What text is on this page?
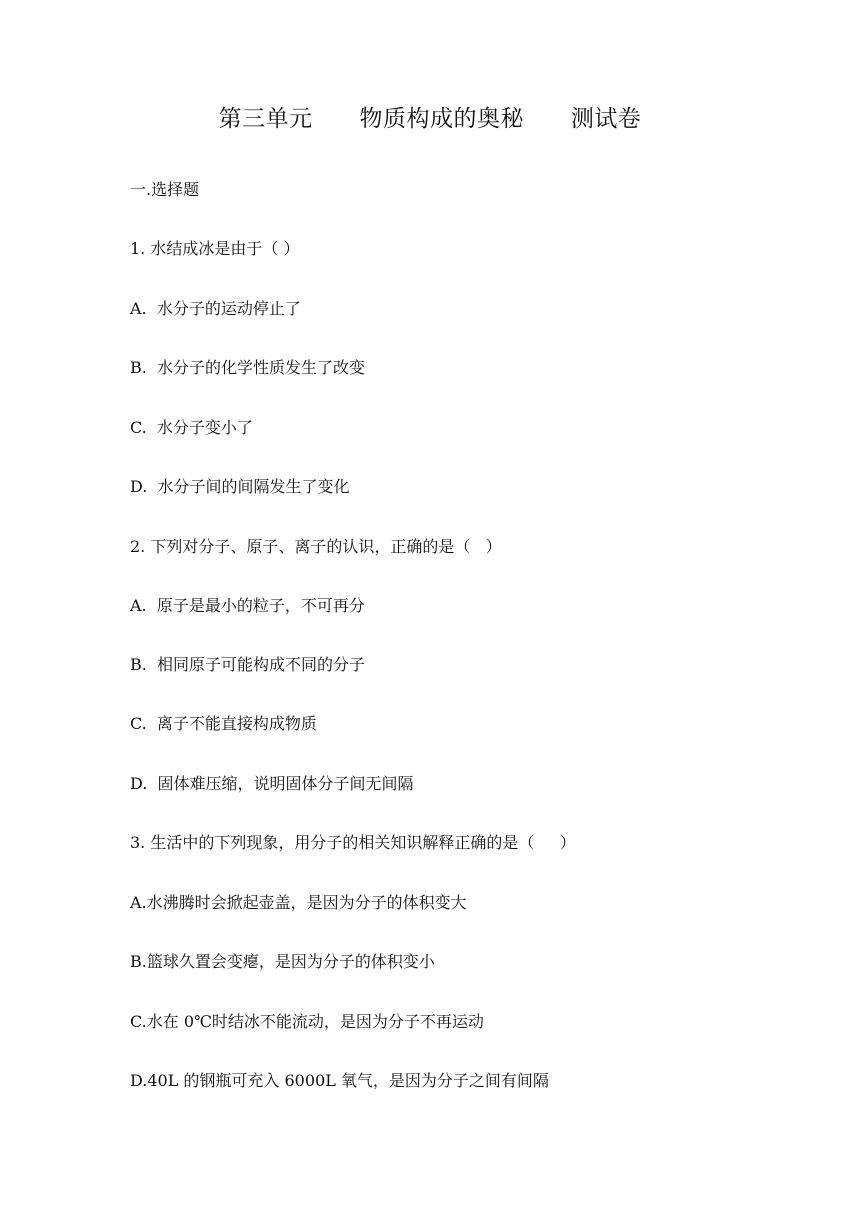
第三单元      物质构成的奥秘      测试卷
一.选择题
1. 水结成冰是由于（ ）
A.  水分子的运动停止了
B.  水分子的化学性质发生了改变
C.  水分子变小了
D.  水分子间的间隔发生了变化
2. 下列对分子、原子、离子的认识，正确的是（   ）
A.  原子是最小的粒子，不可再分
B.  相同原子可能构成不同的分子
C.  离子不能直接构成物质
D.  固体难压缩，说明固体分子间无间隔
3. 生活中的下列现象，用分子的相关知识解释正确的是（     ）
A.水沸腾时会掀起壶盖，是因为分子的体积变大
B.篮球久置会变瘪，是因为分子的体积变小
C.水在 0℃时结冰不能流动，是因为分子不再运动
D.40L 的钢瓶可充入 6000L 氧气，是因为分子之间有间隔
